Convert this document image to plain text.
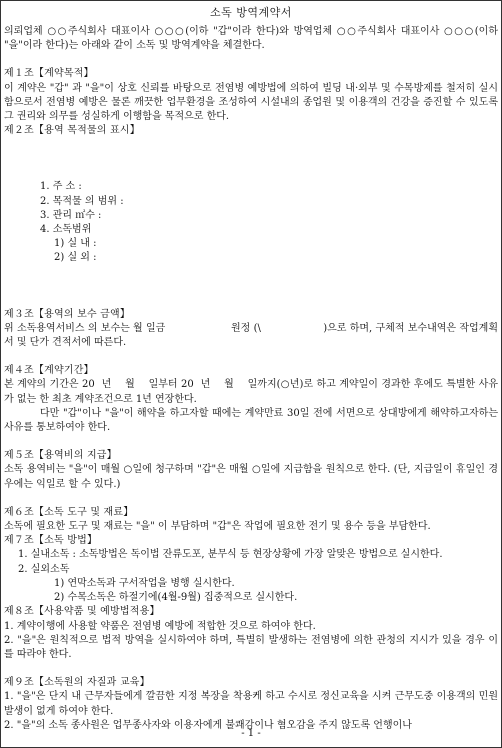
소독 방역계약서

의뢰업체 ○○주식회사 대표이사 ○○○(이하 "갑"이라 한다)와 방역업체 ○○주식회사 대표이사 ○○○(이하 "을"이라 한다)는 아래와 같이 소독 및 방역계약을 체결한다.

제１조【계약목적】

이 계약은 "갑" 과 "을"이 상호 신뢰를 바탕으로 전염병 예방법에 의하여 빌딩 내·외부 및 수목방제를 철저히 실시함으로서 전염병 예방은 물론 깨끗한 업무환경을 조성하여 시설내의 종업원 및 이용객의 건강을 증진할 수 있도록 그 권리와 의무를 성실하게 이행함을 목적으로 한다.

제２조【용역 목적물의 표시】

1. 주 소 :

2. 목적물 의 범위 :

3. 관리 ㎡수 :

4. 소독범위

1) 실 내 :

2) 실 외 :

제３조【용역의 보수 금액】

위 소독용역서비스 의 보수는 월 일금                    원정 (\                   )으로 하며, 구체적 보수내역은 작업계획서 및 단가 견적서에 따른다.

제４조【계약기간】

본 계약의 기간은 20  년    월    일부터 20  년    월    일까지(○년)로 하고 계약일이 경과한 후에도 특별한 사유가 없는 한 최초 계약조건으로 1년 연장한다.

다만 "갑"이나 "을"이 해약을 하고자할 때에는 계약만료 30일 전에 서면으로 상대방에게 해약하고자하는 사유를 통보하여야 한다.

제５조【용역비의 지급】

소독 용역비는 "을"이 매월 ○일에 청구하며 "갑"은 매월 ○일에 지급함을 원칙으로 한다. (단, 지급일이 휴일인 경우에는 익일로 할 수 있다.)

제６조【소독 도구 및 재료】

소독에 필요한 도구 및 재료는 "을" 이 부담하며 "갑"은 작업에 필요한 전기 및 용수 등을 부담한다.

제７조【소독 방법】

1. 실내소독 : 소독방법은 독이법 잔류도포, 분무식 등 현장상황에 가장 알맞은 방법으로 실시한다.

2. 실외소독

1) 연막소독과 구서작업을 병행 실시한다.

2) 수목소독은 하절기에(4월-9월) 집중적으로 실시한다.

제８조【사용약품 및 예방법적용】

1. 계약이행에 사용할 약품은 전염병 예방에 적합한 것으로 하여야 한다.

2. "을"은 원칙적으로 법적 방역을 실시하여야 하며, 특별히 발생하는 전염병에 의한 관청의 지시가 있을 경우 이를 따라야 한다.

제９조【소독원의 자질과 교육】

1. "을"은 단지 내 근무자들에게 깔끔한 지정 복장을 착용케 하고 수시로 정신교육을 시켜 근무도중 이용객의 민원발생이 없게 하여야 한다.

2. "을"의 소독 종사원은 업무종사자와 이용자에게 불쾌감이나 혐오감을 주지 않도록 언행이나

- 1 -
